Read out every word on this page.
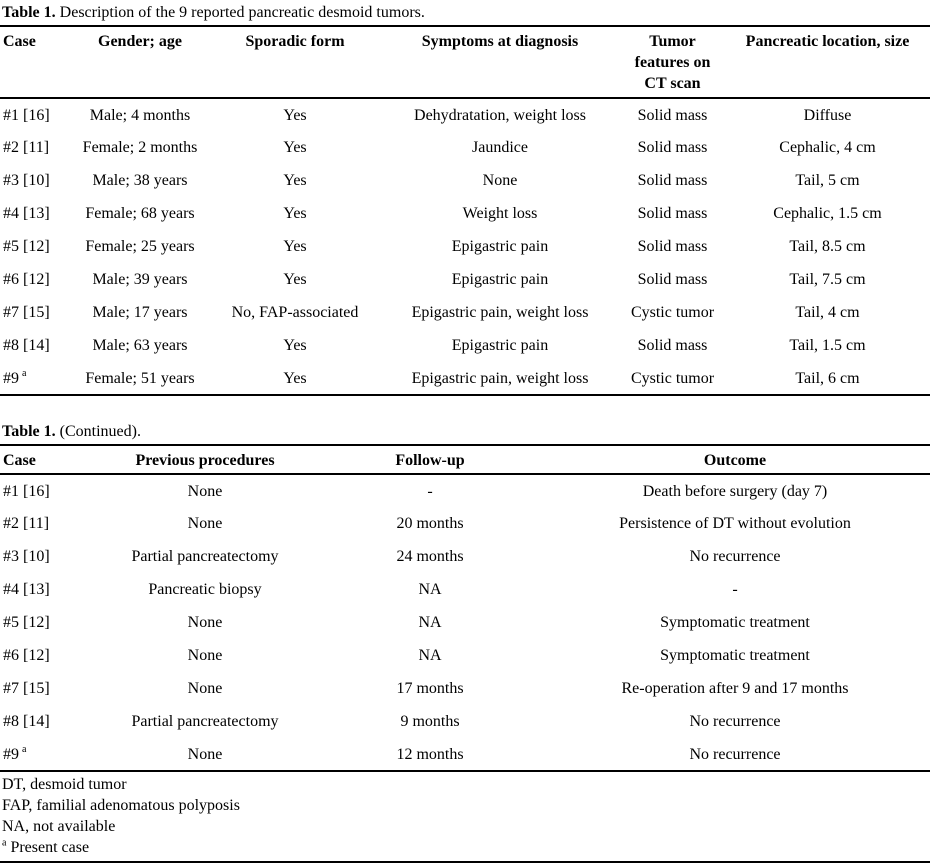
Table 1. Description of the 9 reported pancreatic desmoid tumors.
Case	Gender; age	Sporadic form	Symptoms at diagnosis	Tumor features on CT scan	Pancreatic location, size
#1 [16]	Male; 4 months	Yes	Dehydratation, weight loss	Solid mass	Diffuse
#2 [11]	Female; 2 months	Yes	Jaundice	Solid mass	Cephalic, 4 cm
#3 [10]	Male; 38 years	Yes	None	Solid mass	Tail, 5 cm
#4 [13]	Female; 68 years	Yes	Weight loss	Solid mass	Cephalic, 1.5 cm
#5 [12]	Female; 25 years	Yes	Epigastric pain	Solid mass	Tail, 8.5 cm
#6 [12]	Male; 39 years	Yes	Epigastric pain	Solid mass	Tail, 7.5 cm
#7 [15]	Male; 17 years	No, FAP-associated	Epigastric pain, weight loss	Cystic tumor	Tail, 4 cm
#8 [14]	Male; 63 years	Yes	Epigastric pain	Solid mass	Tail, 1.5 cm
#9 $^a$	Female; 51 years	Yes	Epigastric pain, weight loss	Cystic tumor	Tail, 6 cm
Table 1. (Continued).
Case	Previous procedures	Follow-up	Outcome
#1 [16]	None	-	Death before surgery (day 7)
#2 [11]	None	20 months	Persistence of DT without evolution
#3 [10]	Partial pancreatectomy	24 months	No recurrence
#4 [13]	Pancreatic biopsy	NA	-
#5 [12]	None	NA	Symptomatic treatment
#6 [12]	None	NA	Symptomatic treatment
#7 [15]	None	17 months	Re-operation after 9 and 17 months
#8 [14]	Partial pancreatectomy	9 months	No recurrence
#9 $^a$	None	12 months	No recurrence
DT, desmoid tumor
FAP, familial adenomatous polyposis
NA, not available
$^a$ Present case
